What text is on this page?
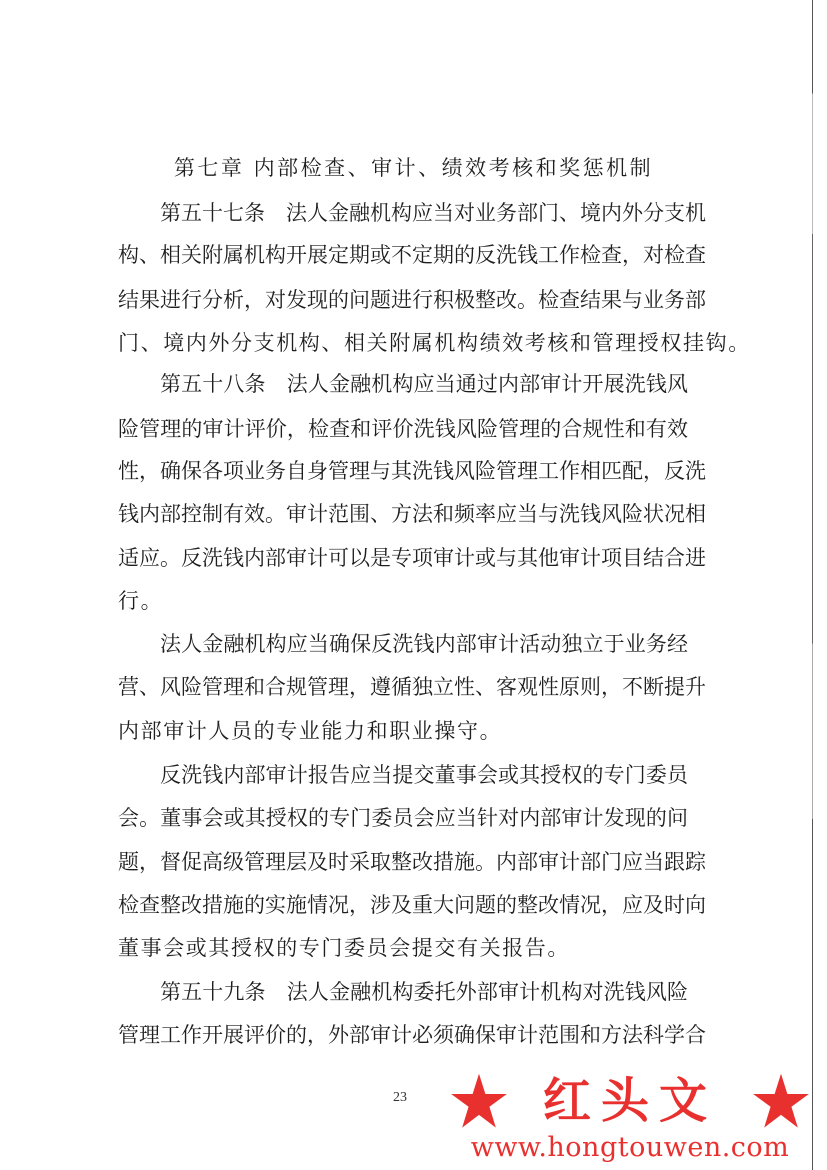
第七章 内部检查、审计、绩效考核和奖惩机制
第五十七条　法人金融机构应当对业务部门、境内外分支机
构、相关附属机构开展定期或不定期的反洗钱工作检查，对检查
结果进行分析，对发现的问题进行积极整改。检查结果与业务部
门、境内外分支机构、相关附属机构绩效考核和管理授权挂钩。
第五十八条　法人金融机构应当通过内部审计开展洗钱风
险管理的审计评价，检查和评价洗钱风险管理的合规性和有效
性，确保各项业务自身管理与其洗钱风险管理工作相匹配，反洗
钱内部控制有效。审计范围、方法和频率应当与洗钱风险状况相
适应。反洗钱内部审计可以是专项审计或与其他审计项目结合进
行。
法人金融机构应当确保反洗钱内部审计活动独立于业务经
营、风险管理和合规管理，遵循独立性、客观性原则，不断提升
内部审计人员的专业能力和职业操守。
反洗钱内部审计报告应当提交董事会或其授权的专门委员
会。董事会或其授权的专门委员会应当针对内部审计发现的问
题，督促高级管理层及时采取整改措施。内部审计部门应当跟踪
检查整改措施的实施情况，涉及重大问题的整改情况，应及时向
董事会或其授权的专门委员会提交有关报告。
第五十九条　法人金融机构委托外部审计机构对洗钱风险
管理工作开展评价的，外部审计必须确保审计范围和方法科学合
23	红头文
www.hongtouwen.com
